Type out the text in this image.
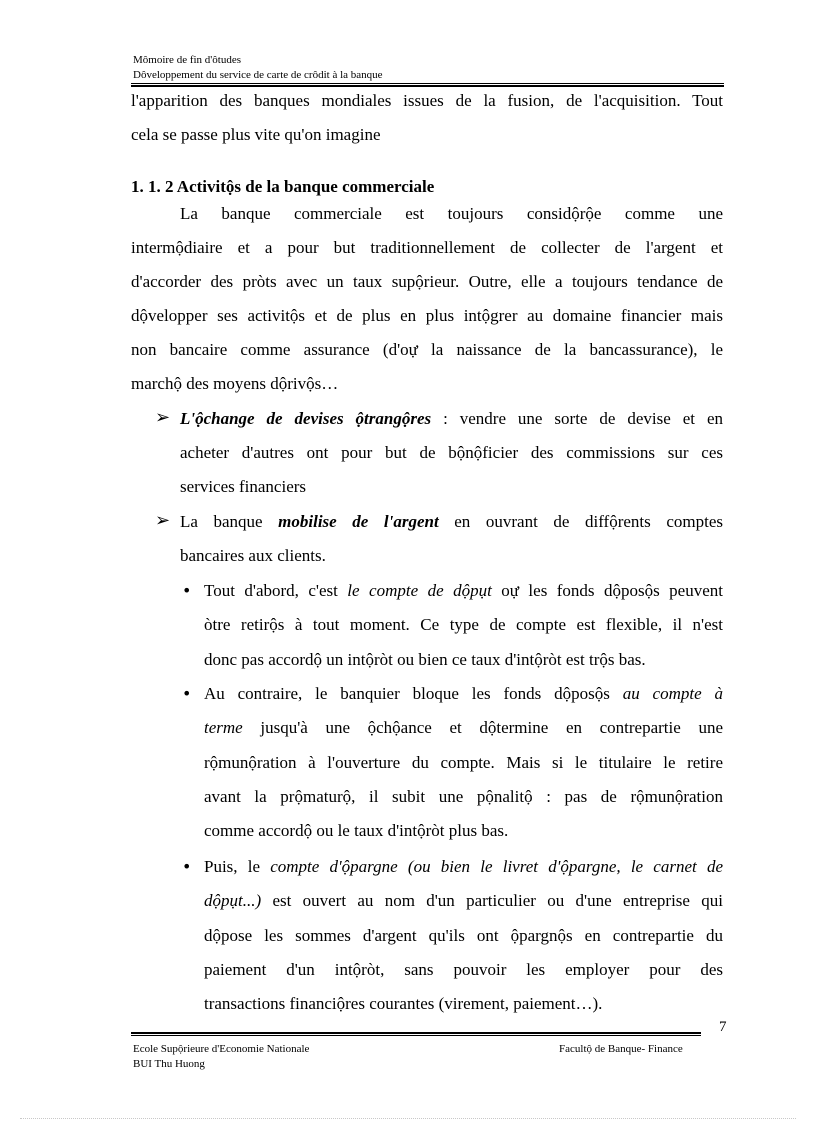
Mômoire de fin d'ôtudes
Dôveloppement du service de carte de crôdit à la banque
l'apparition des banques mondiales issues de la fusion, de l'acquisition. Tout
cela se passe plus vite qu'on imagine
1. 1. 2 Activitộs de la banque commerciale
La banque commerciale est toujours considộrộe comme une
intermộdiaire et a pour but traditionnellement de collecter de l'argent et
d'accorder des pròts avec un taux supộrieur. Outre, elle a toujours tendance de
dộvelopper ses activitộs et de plus en plus intộgrer au domaine financier mais
non bancaire comme assurance (d'oự la naissance de la bancassurance), le
marchộ des moyens dộrivộs…
➢ L'ộchange de devises ộtrangộres : vendre une sorte de devise et en
acheter d'autres ont pour but de bộnộficier des commissions sur ces
services financiers
➢ La banque mobilise de l'argent en ouvrant de diffộrents comptes
bancaires aux clients.
• Tout d'abord, c'est le compte de dộpụt oự les fonds dộposộs peuvent
òtre retirộs à tout moment. Ce type de compte est flexible, il n'est
donc pas accordộ un intộròt ou bien ce taux d'intộròt est trộs bas.
• Au contraire, le banquier bloque les fonds dộposộs au compte à
terme jusqu'à une ộchộance et dộtermine en contrepartie une
rộmunộration à l'ouverture du compte. Mais si le titulaire le retire
avant la prộmaturộ, il subit une pộnalitộ : pas de rộmunộration
comme accordộ ou le taux d'intộròt plus bas.
• Puis, le compte d'ộpargne (ou bien le livret d'ộpargne, le carnet de
dộpụt...) est ouvert au nom d'un particulier ou d'une entreprise qui
dộpose les sommes d'argent qu'ils ont ộpargnộs en contrepartie du
paiement d'un intộròt, sans pouvoir les employer pour des
transactions financiộres courantes (virement, paiement…).
7
Ecole Supộrieure d'Economie Nationale	Facultộ de Banque- Finance
BUI Thu Huong
